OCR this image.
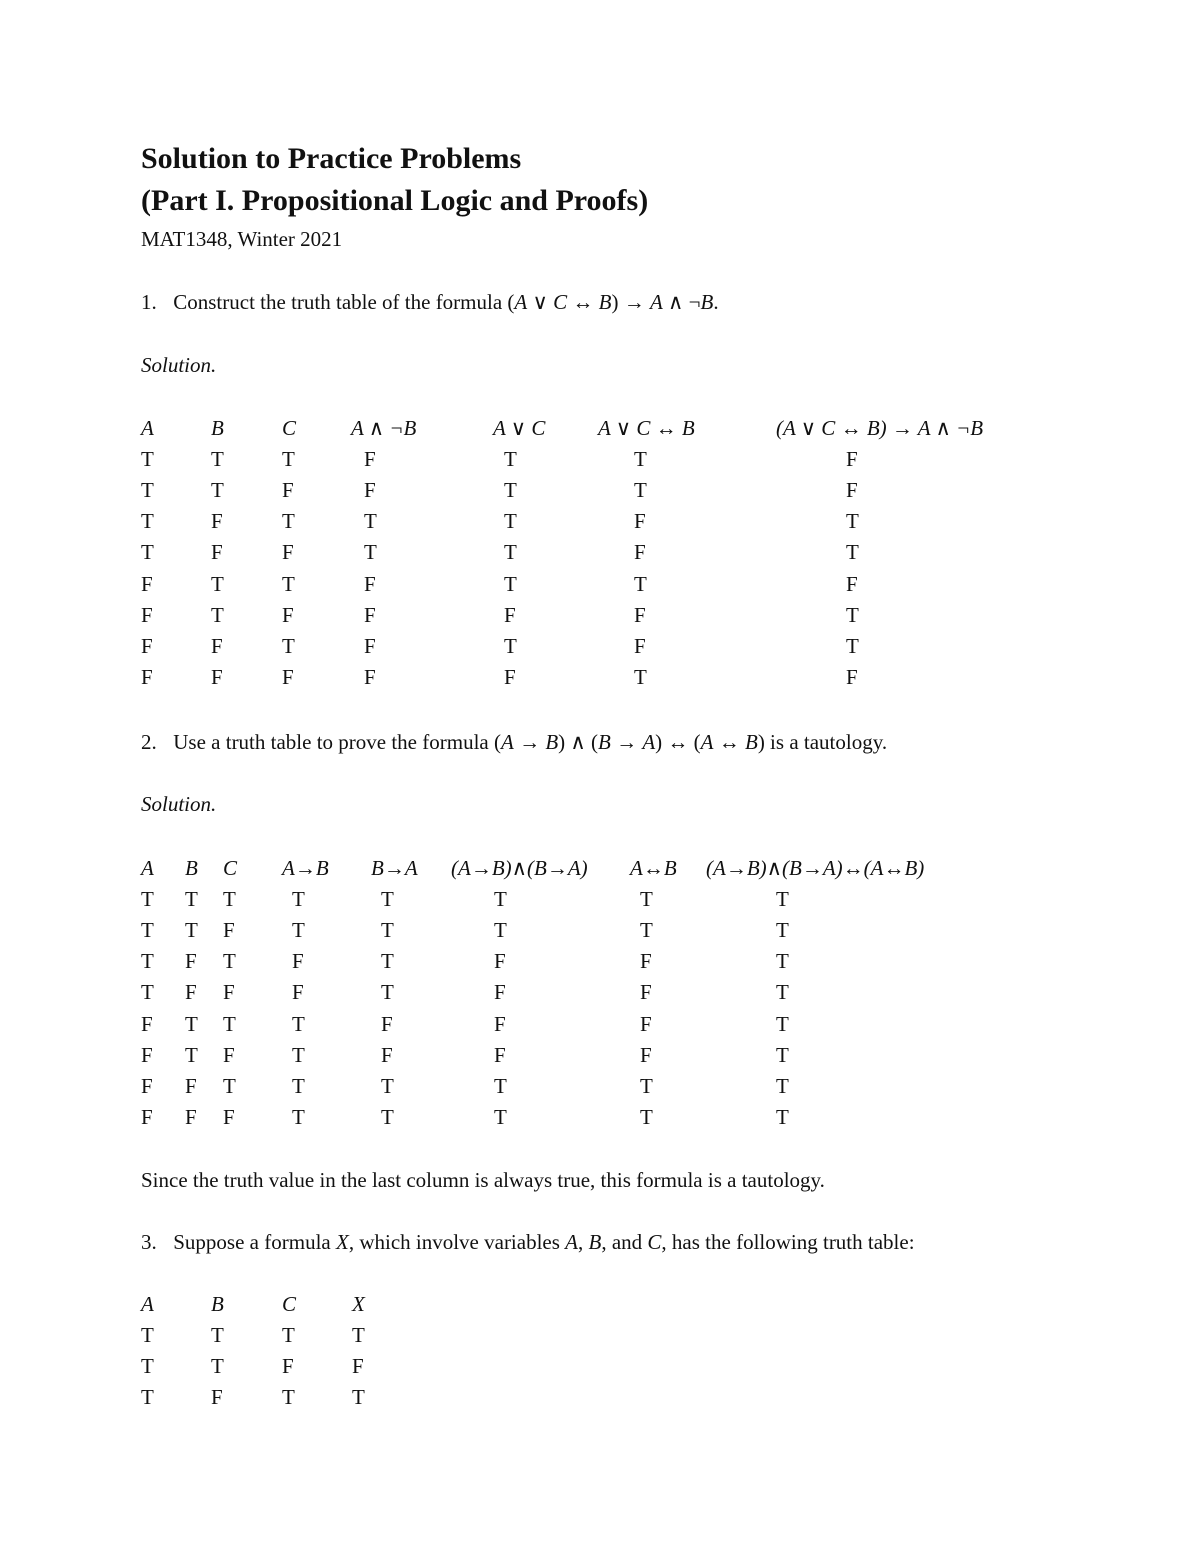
Solution to Practice Problems
(Part I. Propositional Logic and Proofs)
MAT1348, Winter 2021
1. Construct the truth table of the formula (A ∨ C ↔ B) → A ∧ ¬B.
Solution.
A	B	C	A ∧ ¬B	A ∨ C	A ∨ C ↔ B	(A ∨ C ↔ B) → A ∧ ¬B
T	T	T	F	T	T	F
T	T	F	F	T	T	F
T	F	T	T	T	F	T
T	F	F	T	T	F	T
F	T	T	F	T	T	F
F	T	F	F	F	F	T
F	F	T	F	T	F	T
F	F	F	F	F	T	F
2. Use a truth table to prove the formula (A → B) ∧ (B → A) ↔ (A ↔ B) is a tautology.
Solution.
A B C A→B B→A (A→B)∧(B→A) A↔B (A→B)∧(B→A)↔(A↔B)
T T T	T	T	T	T	T
T T F	T	T	T	T	T
T F T	F	T	F	F	T
T F F	F	T	F	F	T
F T T	T	F	F	F	T
F T F	T	F	F	F	T
F F T	T	T	T	T	T
F F F	T	T	T	T	T
Since the truth value in the last column is always true, this formula is a tautology.
3. Suppose a formula X, which involve variables A, B, and C, has the following truth table:
A	B	C	X
T	T	T	T
T	T	F	F
T	F	T	T
